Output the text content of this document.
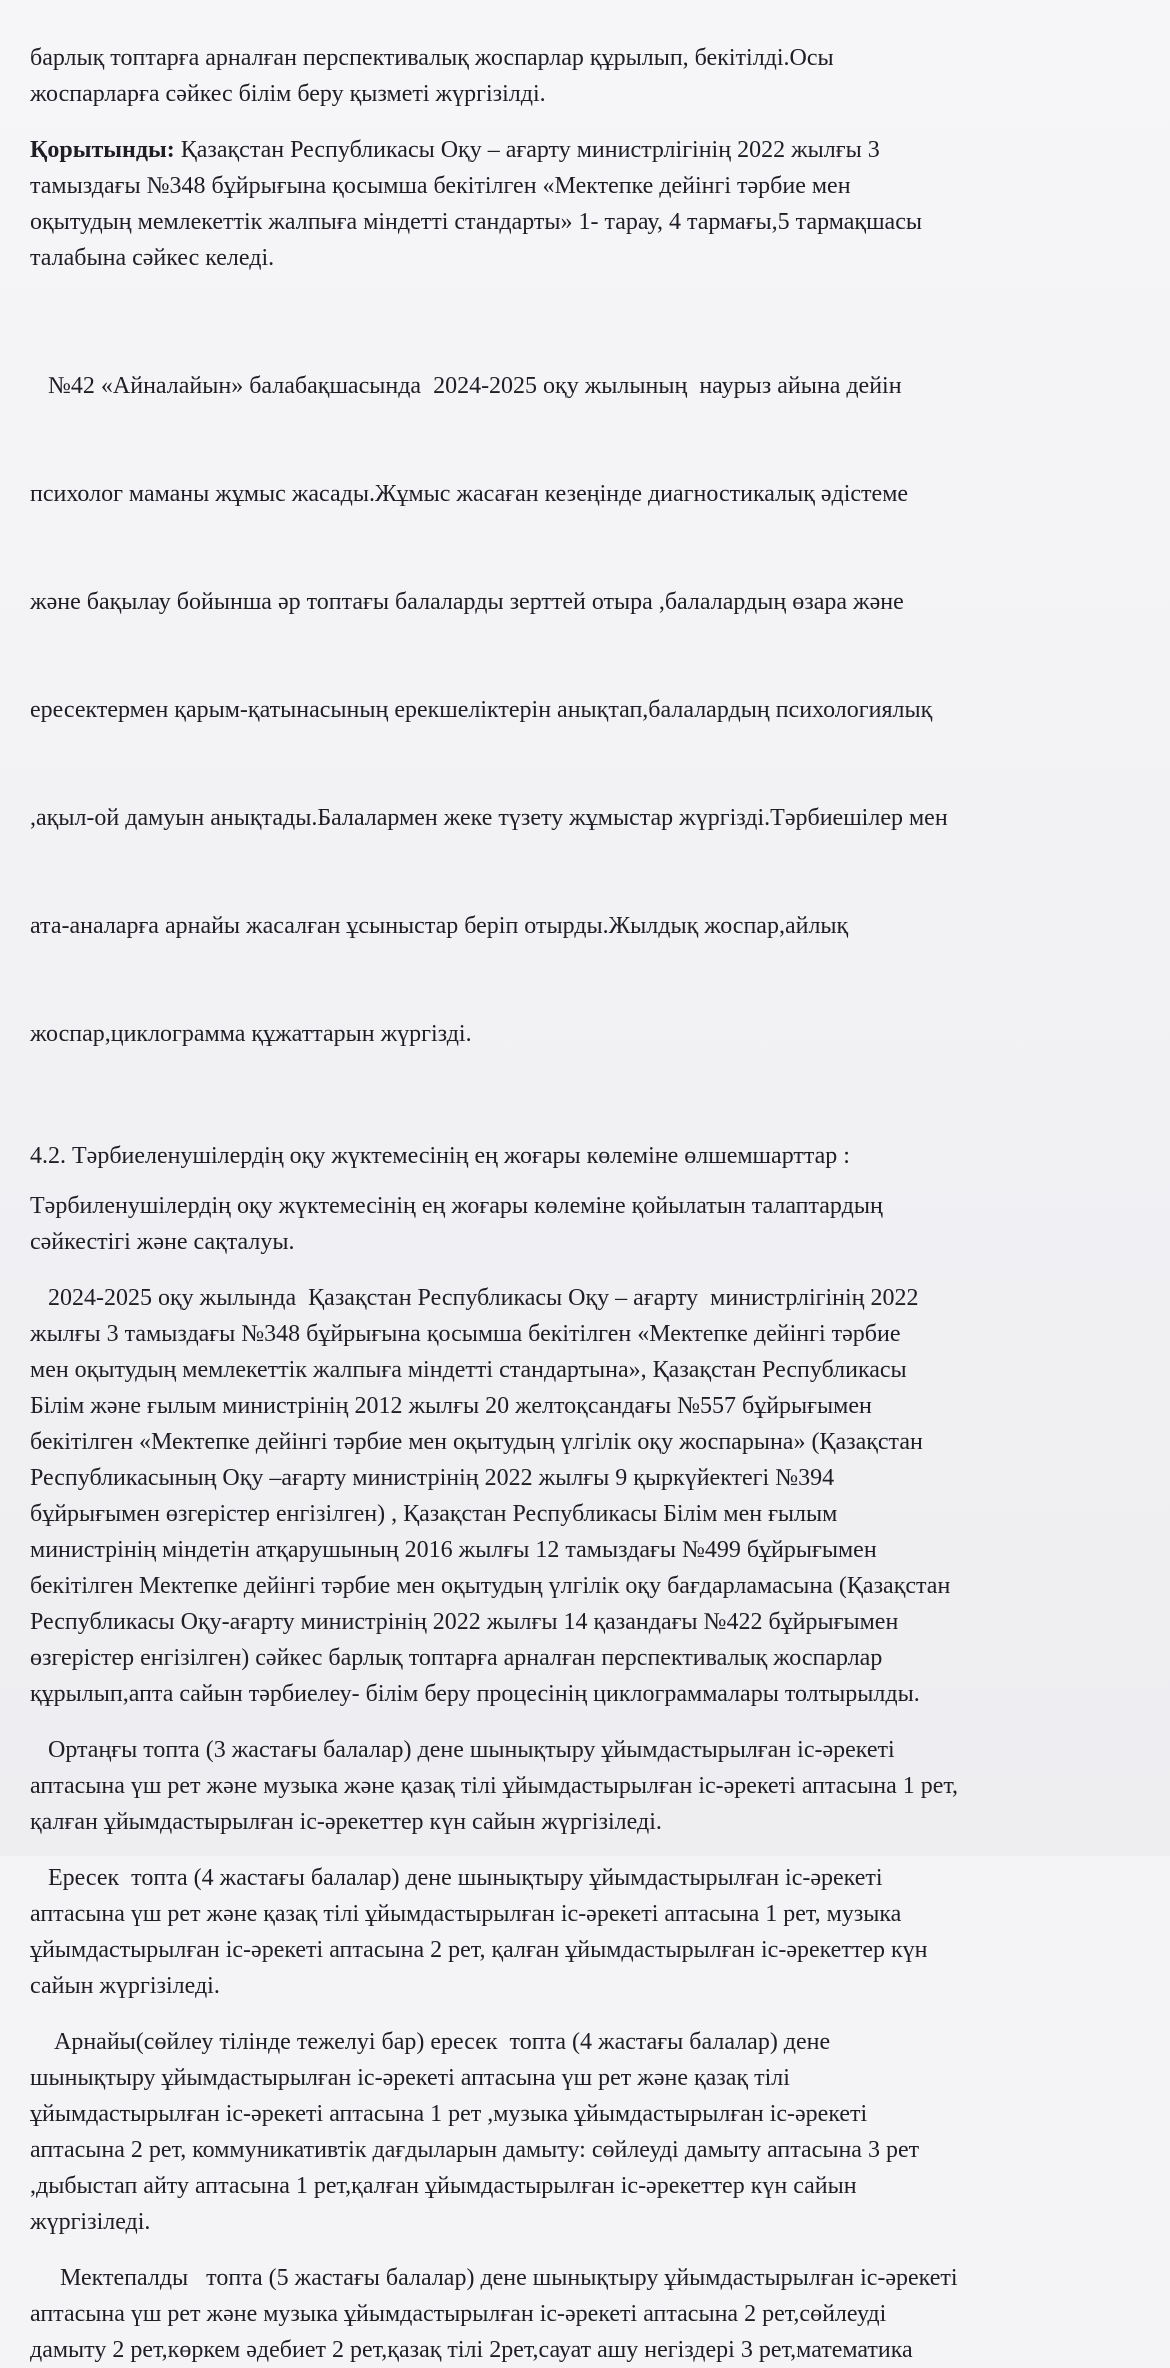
барлық топтарға арналған перспективалық жоспарлар құрылып, бекітілді.Осы
жоспарларға сәйкес білім беру қызметі жүргізілді.
Қорытынды: Қазақстан Республикасы Оқу – ағарту министрлігінің 2022 жылғы 3
тамыздағы №348 бұйрығына қосымша бекітілген «Мектепке дейінгі тәрбие мен
оқытудың мемлекеттік жалпыға міндетті стандарты» 1- тарау, 4 тармағы,5 тармақшасы
талабына сәйкес келеді.

№42 «Айналайын» балабақшасында  2024-2025 оқу жылының  наурыз айына дейін

психолог маманы жұмыс жасады.Жұмыс жасаған кезеңінде диагностикалық әдістеме

және бақылау бойынша әр топтағы балаларды зерттей отыра ,балалардың өзара және

ересектермен қарым-қатынасының ерекшеліктерін анықтап,балалардың психологиялық

,ақыл-ой дамуын анықтады.Балалармен жеке түзету жұмыстар жүргізді.Тәрбиешілер мен

ата-аналарға арнайы жасалған ұсыныстар беріп отырды.Жылдық жоспар,айлық

жоспар,циклограмма құжаттарын жүргізді.

4.2. Тәрбиеленушілердің оқу жүктемесінің ең жоғары көлеміне өлшемшарттар :
Тәрбиленушілердің оқу жүктемесінің ең жоғары көлеміне қойылатын талаптардың
сәйкестігі және сақталуы.
2024-2025 оқу жылында  Қазақстан Республикасы Оқу – ағарту  министрлігінің 2022
жылғы 3 тамыздағы №348 бұйрығына қосымша бекітілген «Мектепке дейінгі тәрбие
мен оқытудың мемлекеттік жалпыға міндетті стандартына», Қазақстан Республикасы
Білім және ғылым министрінің 2012 жылғы 20 желтоқсандағы №557 бұйрығымен
бекітілген «Мектепке дейінгі тәрбие мен оқытудың үлгілік оқу жоспарына» (Қазақстан
Республикасының Оқу –ағарту министрінің 2022 жылғы 9 қыркүйектегі №394
бұйрығымен өзгерістер енгізілген) , Қазақстан Республикасы Білім мен ғылым
министрінің міндетін атқарушының 2016 жылғы 12 тамыздағы №499 бұйрығымен
бекітілген Мектепке дейінгі тәрбие мен оқытудың үлгілік оқу бағдарламасына (Қазақстан
Республикасы Оқу-ағарту министрінің 2022 жылғы 14 қазандағы №422 бұйрығымен
өзгерістер енгізілген) сәйкес барлық топтарға арналған перспективалық жоспарлар
құрылып,апта сайын тәрбиелеу- білім беру процесінің циклограммалары толтырылды.
Ортаңғы топта (3 жастағы балалар) дене шынықтыру ұйымдастырылған іс-әрекеті
аптасына үш рет және музыка және қазақ тілі ұйымдастырылған іс-әрекеті аптасына 1 рет,
қалған ұйымдастырылған іс-әрекеттер күн сайын жүргізіледі.
Ересек  топта (4 жастағы балалар) дене шынықтыру ұйымдастырылған іс-әрекеті
аптасына үш рет және қазақ тілі ұйымдастырылған іс-әрекеті аптасына 1 рет, музыка
ұйымдастырылған іс-әрекеті аптасына 2 рет, қалған ұйымдастырылған іс-әрекеттер күн
сайын жүргізіледі.
Арнайы(сөйлеу тілінде тежелуі бар) ересек  топта (4 жастағы балалар) дене
шынықтыру ұйымдастырылған іс-әрекеті аптасына үш рет және қазақ тілі
ұйымдастырылған іс-әрекеті аптасына 1 рет ,музыка ұйымдастырылған іс-әрекеті
аптасына 2 рет, коммуникативтік дағдыларын дамыту: сөйлеуді дамыту аптасына 3 рет
,дыбыстап айту аптасына 1 рет,қалған ұйымдастырылған іс-әрекеттер күн сайын
жүргізіледі.
Мектепалды   топта (5 жастағы балалар) дене шынықтыру ұйымдастырылған іс-әрекеті
аптасына үш рет және музыка ұйымдастырылған іс-әрекеті аптасына 2 рет,сөйлеуді
дамыту 2 рет,көркем әдебиет 2 рет,қазақ тілі 2рет,сауат ашу негіздері 3 рет,математика
